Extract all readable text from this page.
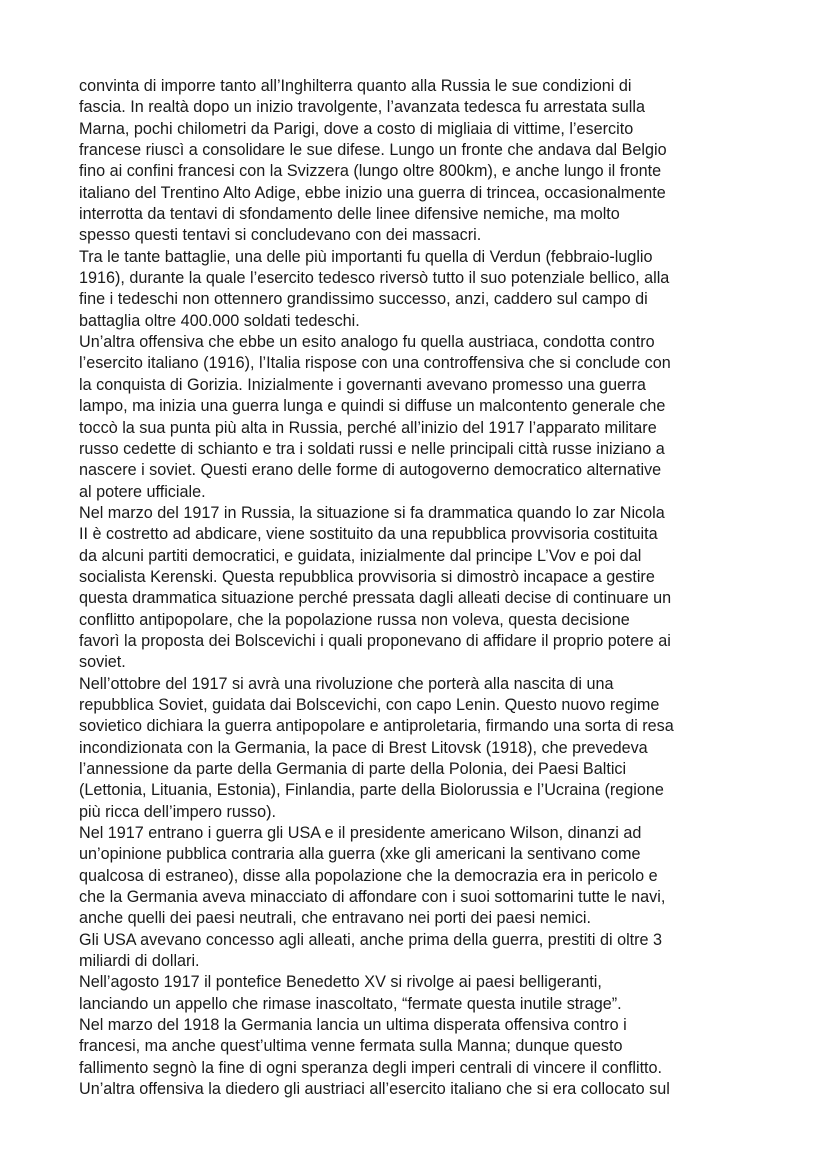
convinta di imporre tanto all’Inghilterra quanto alla Russia le sue condizioni di
fascia. In realtà dopo un inizio travolgente, l’avanzata tedesca fu arrestata sulla
Marna, pochi chilometri da Parigi, dove a costo di migliaia di vittime, l’esercito
francese riuscì a consolidare le sue difese. Lungo un fronte che andava dal Belgio
fino ai confini francesi con la Svizzera (lungo oltre 800km), e anche lungo il fronte
italiano del Trentino Alto Adige, ebbe inizio una guerra di trincea, occasionalmente
interrotta da tentavi di sfondamento delle linee difensive nemiche, ma molto
spesso questi tentavi si concludevano con dei massacri.
Tra le tante battaglie, una delle più importanti fu quella di Verdun (febbraio-luglio
1916), durante la quale l’esercito tedesco riversò tutto il suo potenziale bellico, alla
fine i tedeschi non ottennero grandissimo successo, anzi, caddero sul campo di
battaglia oltre 400.000 soldati tedeschi.
Un’altra offensiva che ebbe un esito analogo fu quella austriaca, condotta contro
l’esercito italiano (1916), l’Italia rispose con una controffensiva che si conclude con
la conquista di Gorizia. Inizialmente i governanti avevano promesso una guerra
lampo, ma inizia una guerra lunga e quindi si diffuse un malcontento generale che
toccò la sua punta più alta in Russia, perché all’inizio del 1917 l’apparato militare
russo cedette di schianto e tra i soldati russi e nelle principali città russe iniziano a
nascere i soviet. Questi erano delle forme di autogoverno democratico alternative
al potere ufficiale.
Nel marzo del 1917 in Russia, la situazione si fa drammatica quando lo zar Nicola
II è costretto ad abdicare, viene sostituito da una repubblica provvisoria costituita
da alcuni partiti democratici, e guidata, inizialmente dal principe L’Vov e poi dal
socialista Kerenski. Questa repubblica provvisoria si dimostrò incapace a gestire
questa drammatica situazione perché pressata dagli alleati decise di continuare un
conflitto antipopolare, che la popolazione russa non voleva, questa decisione
favorì la proposta dei Bolscevichi i quali proponevano di affidare il proprio potere ai
soviet.
Nell’ottobre del 1917 si avrà una rivoluzione che porterà alla nascita di una
repubblica Soviet, guidata dai Bolscevichi, con capo Lenin. Questo nuovo regime
sovietico dichiara la guerra antipopolare e antiproletaria, firmando una sorta di resa
incondizionata con la Germania, la pace di Brest Litovsk (1918), che prevedeva
l’annessione da parte della Germania di parte della Polonia, dei Paesi Baltici
(Lettonia, Lituania, Estonia), Finlandia, parte della Biolorussia e l’Ucraina (regione
più ricca dell’impero russo).
Nel 1917 entrano i guerra gli USA e il presidente americano Wilson, dinanzi ad
un’opinione pubblica contraria alla guerra (xke gli americani la sentivano come
qualcosa di estraneo), disse alla popolazione che la democrazia era in pericolo e
che la Germania aveva minacciato di affondare con i suoi sottomarini tutte le navi,
anche quelli dei paesi neutrali, che entravano nei porti dei paesi nemici.
Gli USA avevano concesso agli alleati, anche prima della guerra, prestiti di oltre 3
miliardi di dollari.
Nell’agosto 1917 il pontefice Benedetto XV si rivolge ai paesi belligeranti,
lanciando un appello che rimase inascoltato, “fermate questa inutile strage”.
Nel marzo del 1918 la Germania lancia un ultima disperata offensiva contro i
francesi, ma anche quest’ultima venne fermata sulla Manna; dunque questo
fallimento segnò la fine di ogni speranza degli imperi centrali di vincere il conflitto.
Un’altra offensiva la diedero gli austriaci all’esercito italiano che si era collocato sul
